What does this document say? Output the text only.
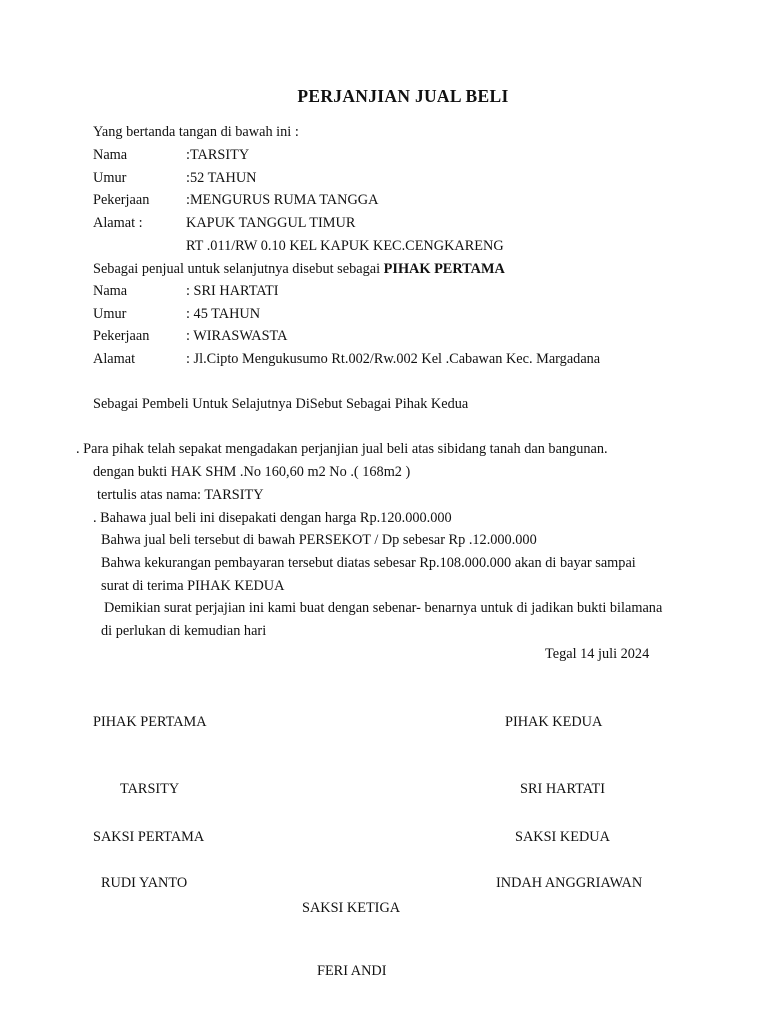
PERJANJIAN JUAL BELI
Yang bertanda tangan di bawah ini :
Nama	:TARSITY
Umur	:52 TAHUN
Pekerjaan	:MENGURUS RUMA TANGGA
Alamat :	KAPUK TANGGUL TIMUR
RT .011/RW 0.10 KEL KAPUK KEC.CENGKARENG
Sebagai penjual untuk selanjutnya disebut sebagai PIHAK PERTAMA
Nama	: SRI HARTATI
Umur	: 45 TAHUN
Pekerjaan	: WIRASWASTA
Alamat	: Jl.Cipto Mengukusumo Rt.002/Rw.002 Kel .Cabawan Kec. Margadana
Sebagai Pembeli Untuk Selajutnya DiSebut Sebagai Pihak Kedua
. Para pihak telah sepakat mengadakan perjanjian jual beli atas sibidang tanah dan bangunan.
dengan bukti HAK SHM .No 160,60 m2 No .( 168m2 )
tertulis atas nama: TARSITY
. Bahawa jual beli ini disepakati dengan harga Rp.120.000.000
Bahwa jual beli tersebut di bawah PERSEKOT / Dp sebesar Rp .12.000.000
Bahwa kekurangan pembayaran tersebut diatas sebesar Rp.108.000.000 akan di bayar sampai
surat di terima PIHAK KEDUA
Demikian surat perjajian ini kami buat dengan sebenar- benarnya untuk di jadikan bukti bilamana
di perlukan di kemudian hari
Tegal 14 juli 2024
PIHAK PERTAMA	PIHAK KEDUA
TARSITY	SRI HARTATI
SAKSI PERTAMA	SAKSI KEDUA
RUDI YANTO	INDAH ANGGRIAWAN
SAKSI KETIGA
FERI ANDI
